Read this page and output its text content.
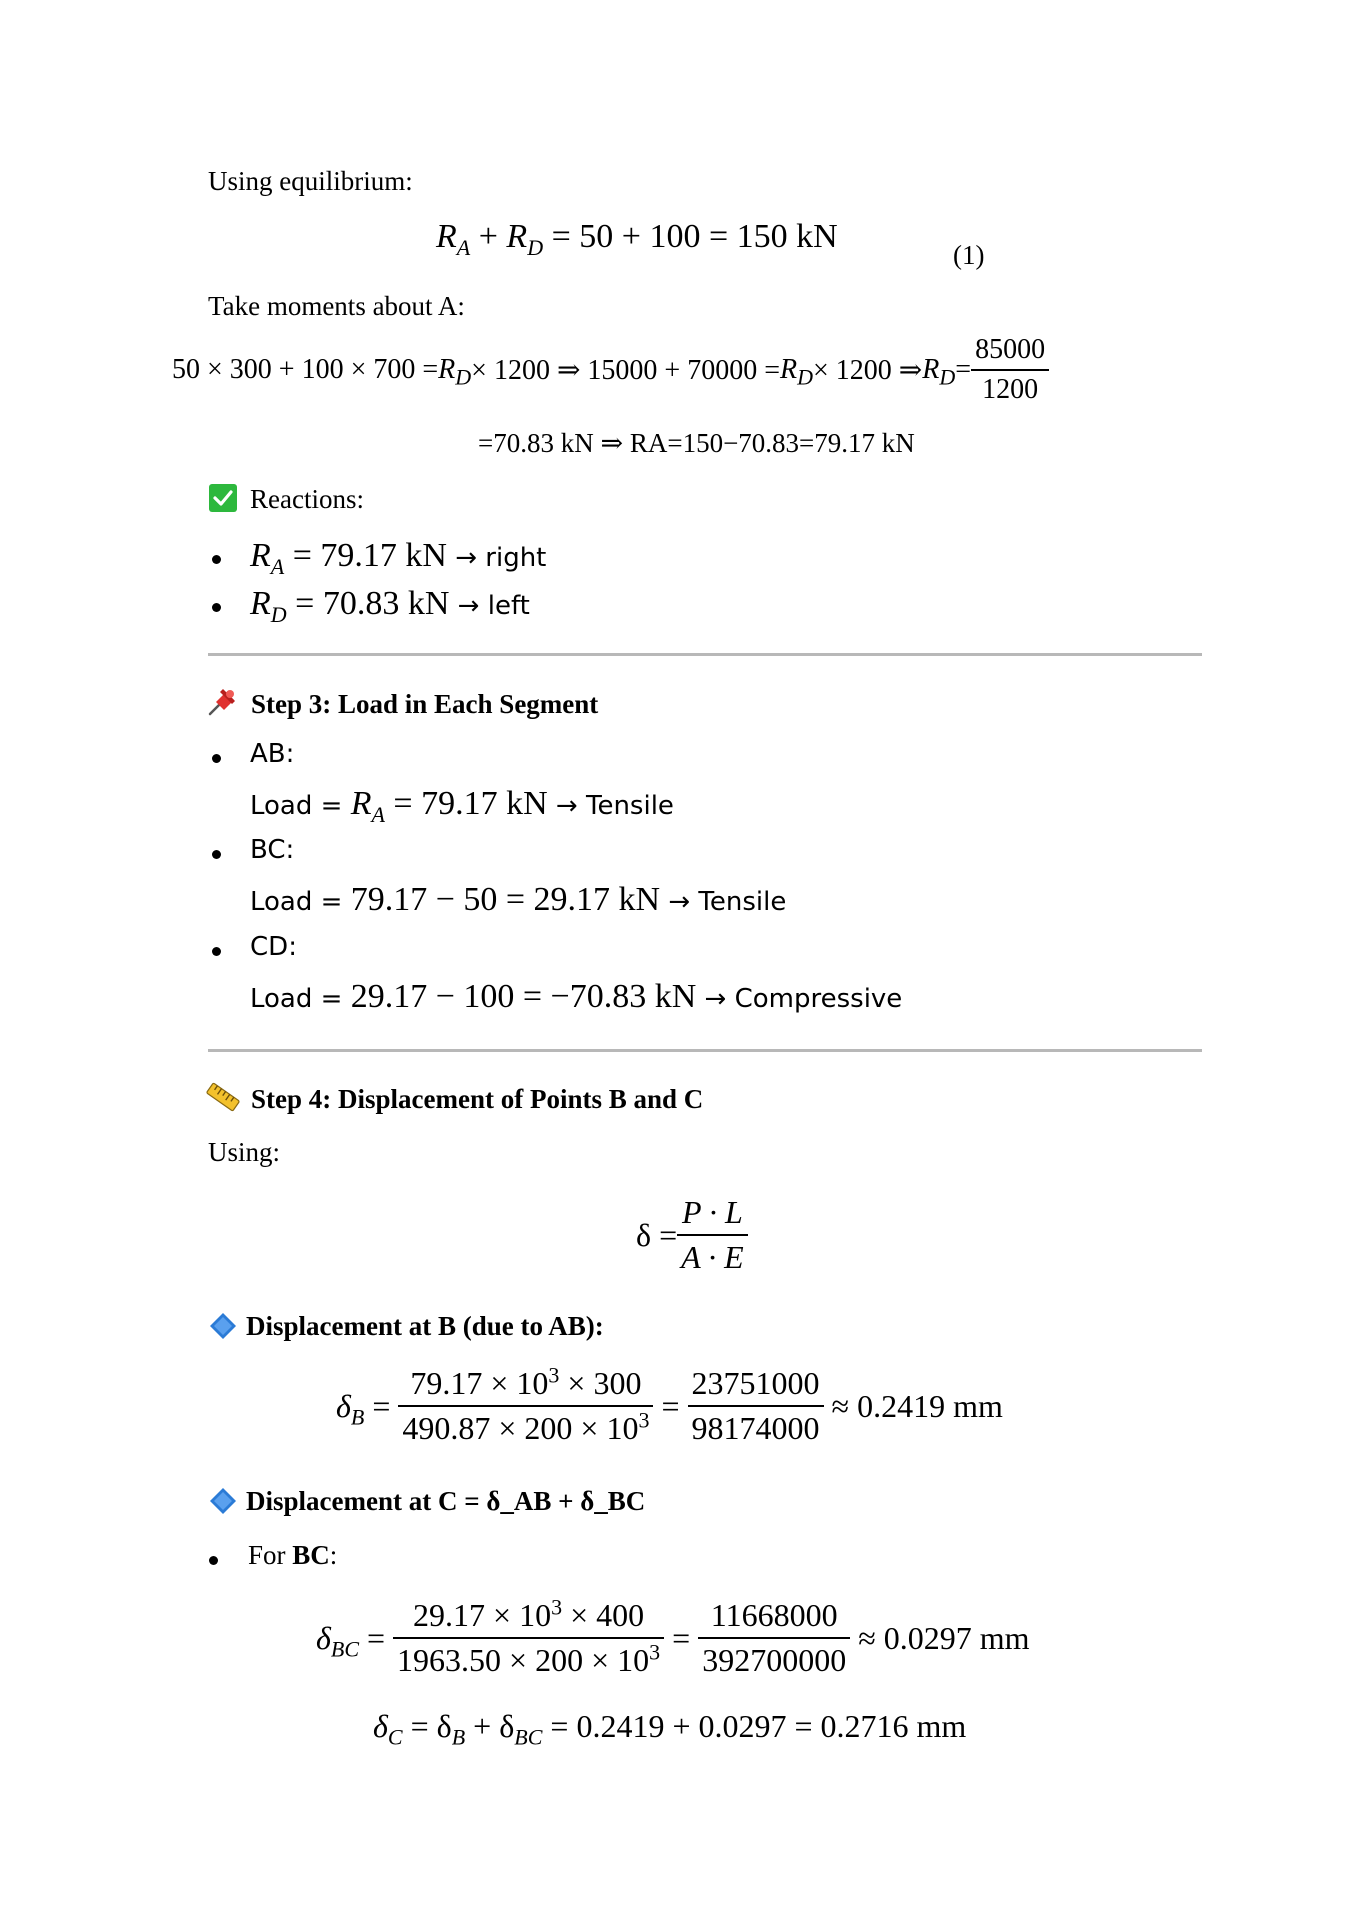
Using equilibrium:
$R_A + R_D = 50 + 100 = 150$ kN	(1)
Take moments about A:
$50 \times 300 + 100 \times 700 =R_D\times 1200$ ⇒ $15000 + 70000 =R_D\times 1200$ $\Rightarrow R_D= \frac{85000}{1200}$
=70.83 kN ⇒ RA=150−70.83=79.17 kN
Reactions:
$R_A = 79.17$ kN → right
$R_D = 70.83$ kN → left
Step 3: Load in Each Segment
AB:
Load = $R_A = 79.17$ kN → Tensile
BC:
Load = 79.17 − 50 = 29.17 kN → Tensile
CD:
Load = 29.17 − 100 = −70.83 kN → Compressive
Step 4: Displacement of Points B and C
Using:
$\delta = \frac{P \cdot L}{A \cdot E}$
Displacement at B (due to AB):
$\delta_B = \frac{79.17 \times 10^3 \times 300}{490.87 \times 200 \times 10^3} = \frac{23751000}{98174000} \approx 0.2419$ mm
Displacement at C = δ_AB + δ_BC
For BC:
$\delta_{BC} = \frac{29.17 \times 10^3 \times 400}{1963.50 \times 200 \times 10^3} = \frac{11668000}{392700000} \approx 0.0297$ mm
$\delta_C = \delta_B + \delta_{BC} = 0.2419 + 0.0297 = 0.2716$ mm
